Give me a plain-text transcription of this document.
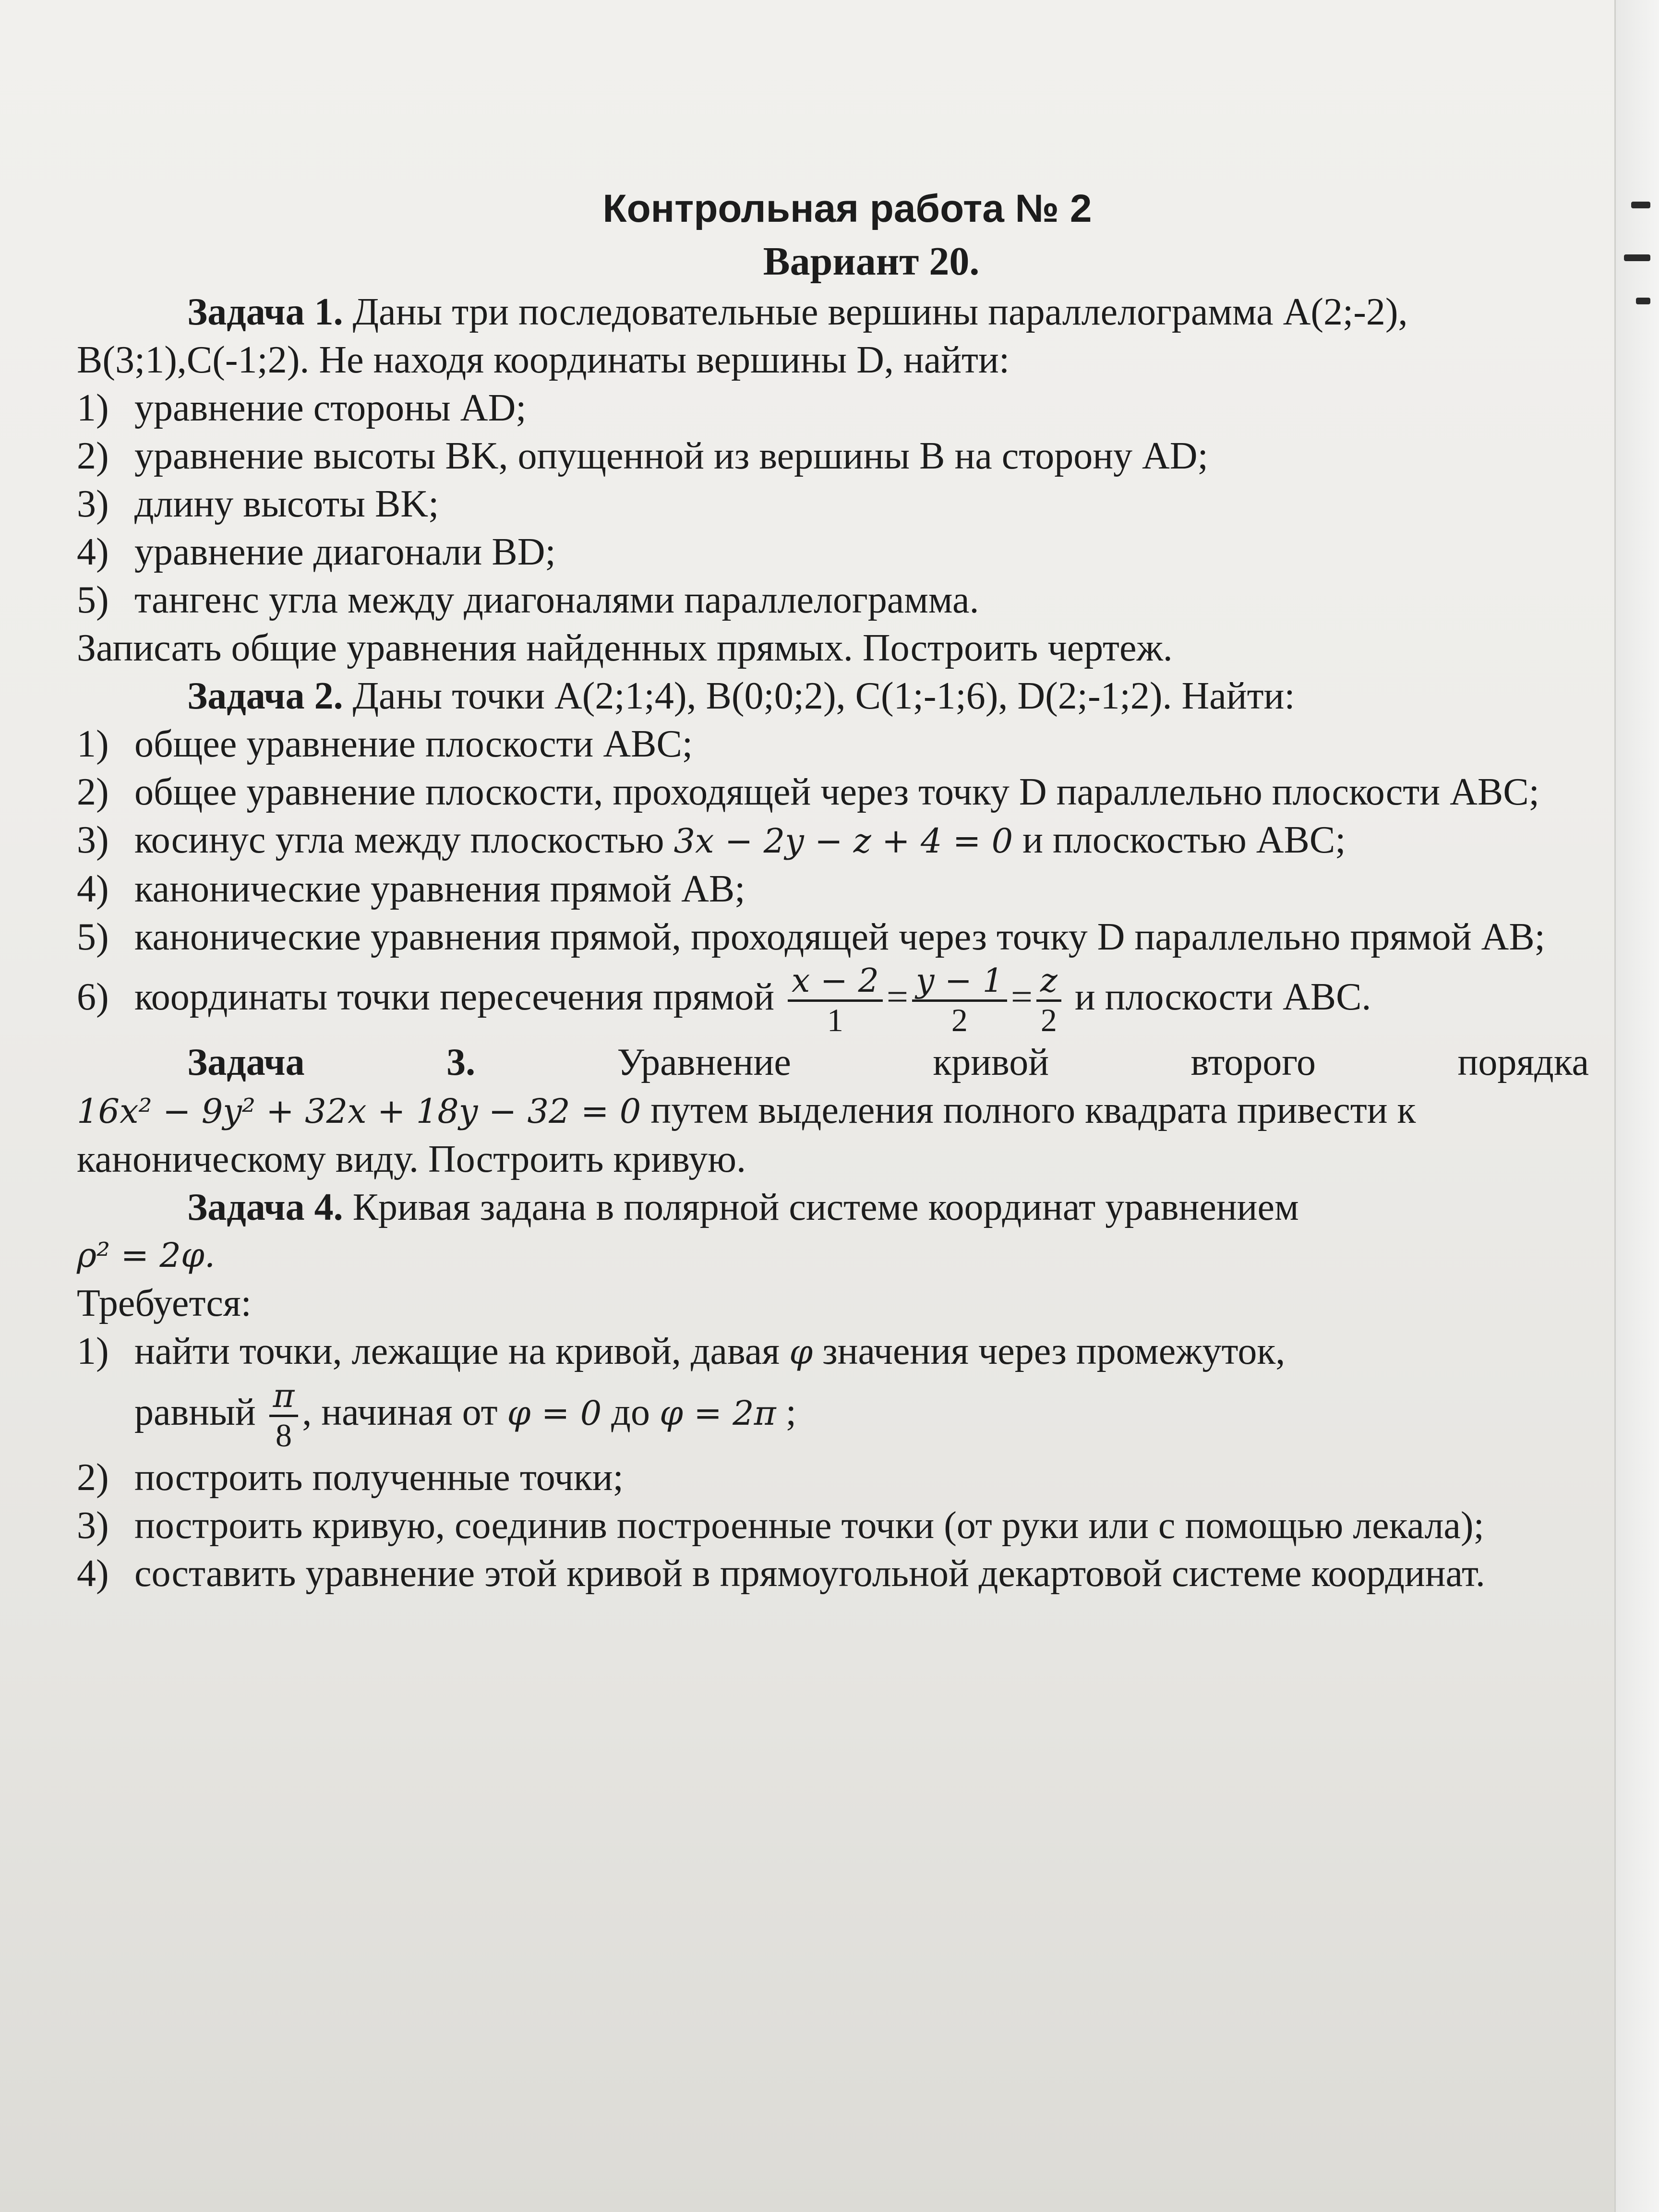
Контрольная работа № 2
Вариант 20.

Задача 1. Даны три последовательные вершины параллелограмма A(2;-2), B(3;1),C(-1;2). Не находя координаты вершины D, найти:

1) уравнение стороны AD;
2) уравнение высоты BK, опущенной из вершины B на сторону AD;
3) длину высоты BK;
4) уравнение диагонали BD;
5) тангенс угла между диагоналями параллелограмма.
Записать общие уравнения найденных прямых. Построить чертеж.

Задача 2. Даны точки A(2;1;4), B(0;0;2), C(1;-1;6), D(2;-1;2). Найти:

1) общее уравнение плоскости ABC;
2) общее уравнение плоскости, проходящей через точку D параллельно плоскости ABC;
3) косинус угла между плоскостью 3x − 2y − z + 4 = 0 и плоскостью ABC;
4) канонические уравнения прямой AB;
5) канонические уравнения прямой, проходящей через точку D параллельно прямой AB;
6) координаты точки пересечения прямой $\frac{x - 2}{1} = \frac{y - 1}{2} = \frac{z}{2}$ и плоскости ABC.
Задача 3.	Уравнение кривой второго порядка
16x² − 9y² + 32x + 18y − 32 = 0 путем выделения полного квадрата привести к каноническому виду. Построить кривую.

Задача 4. Кривая задана в полярной системе координат уравнением

ρ² = 2φ.
Требуется:
1) найти точки, лежащие на кривой, давая φ значения через промежуток,
равный $\frac{\pi}{8}$ , начиная от φ = 0 до φ = 2π ;
2) построить полученные точки;
3) построить кривую, соединив построенные точки (от руки или с помощью лекала);
4) составить уравнение этой кривой в прямоугольной декартовой системе координат.
